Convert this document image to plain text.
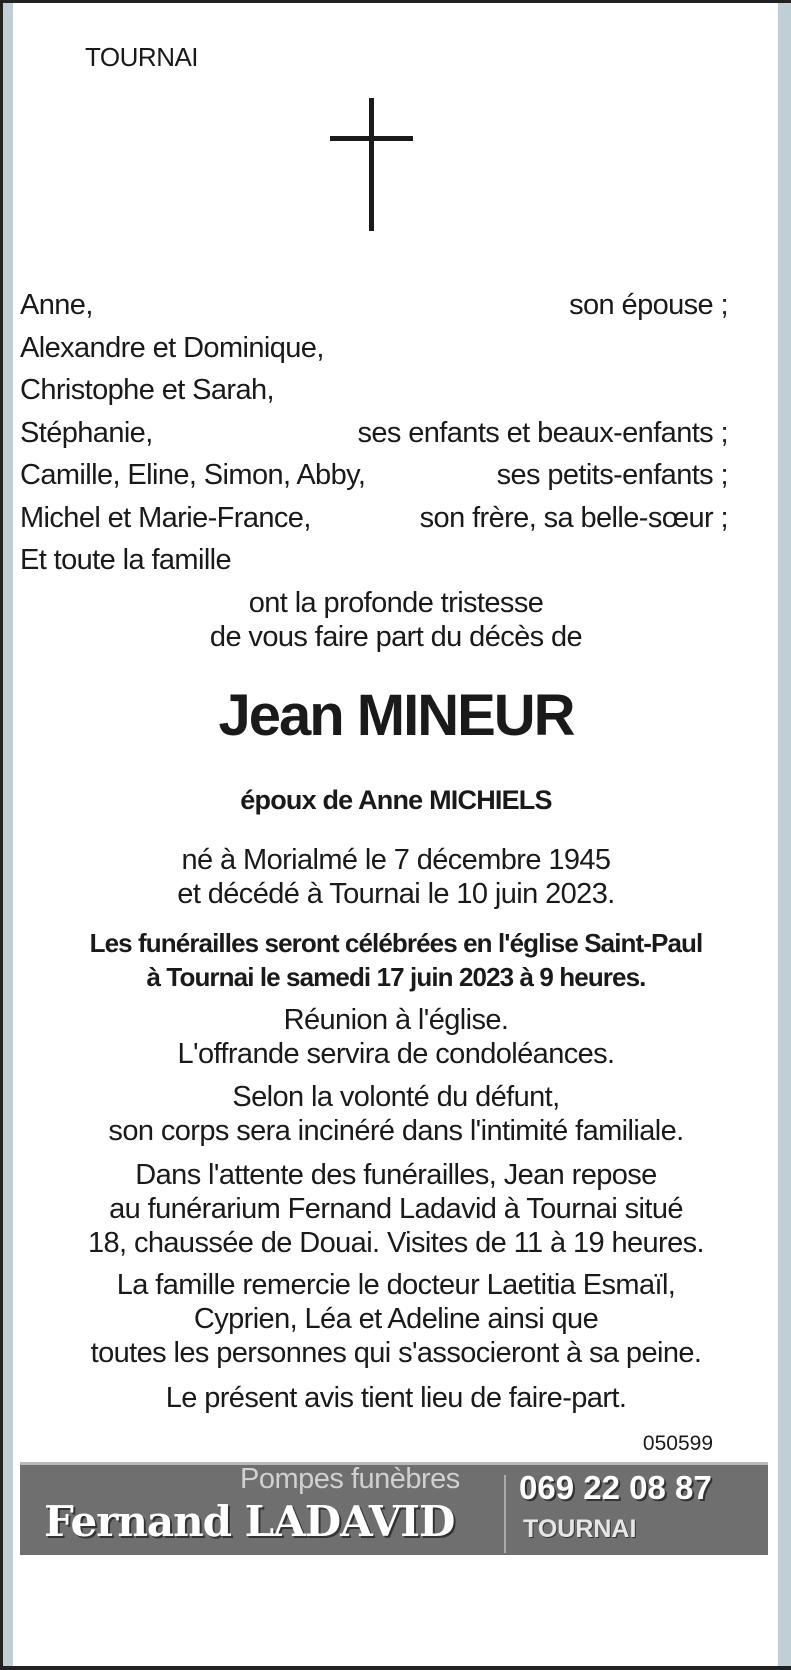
TOURNAI
Anne,	son épouse ;
Alexandre et Dominique,
Christophe et Sarah,
Stéphanie,	ses enfants et beaux-enfants ;
Camille, Eline, Simon, Abby,	ses petits-enfants ;
Michel et Marie-France,	son frère, sa belle-sœur ;
Et toute la famille
ont la profonde tristesse
de vous faire part du décès de
Jean MINEUR
époux de Anne MICHIELS
né à Morialmé le 7 décembre 1945
et décédé à Tournai le 10 juin 2023.
Les funérailles seront célébrées en l'église Saint-Paul
à Tournai le samedi 17 juin 2023 à 9 heures.
Réunion à l'église.
L'offrande servira de condoléances.
Selon la volonté du défunt,
son corps sera inciné​ré dans l'intimité familiale.
Dans l'attente des funérailles, Jean repose
au funérarium Fernand Ladavid à Tournai situé
18, chaussée de Douai. Visites de 11 à 19 heures.
La famille remercie le docteur Laetitia Esmaïl,
Cyprien, Léa et Adeline ainsi que
toutes les personnes qui s'associeront à sa peine.
Le présent avis tient lieu de faire-part.
050599
Pompes funèbres
Fernand LADAVID
069 22 08 87
TOURNAI
